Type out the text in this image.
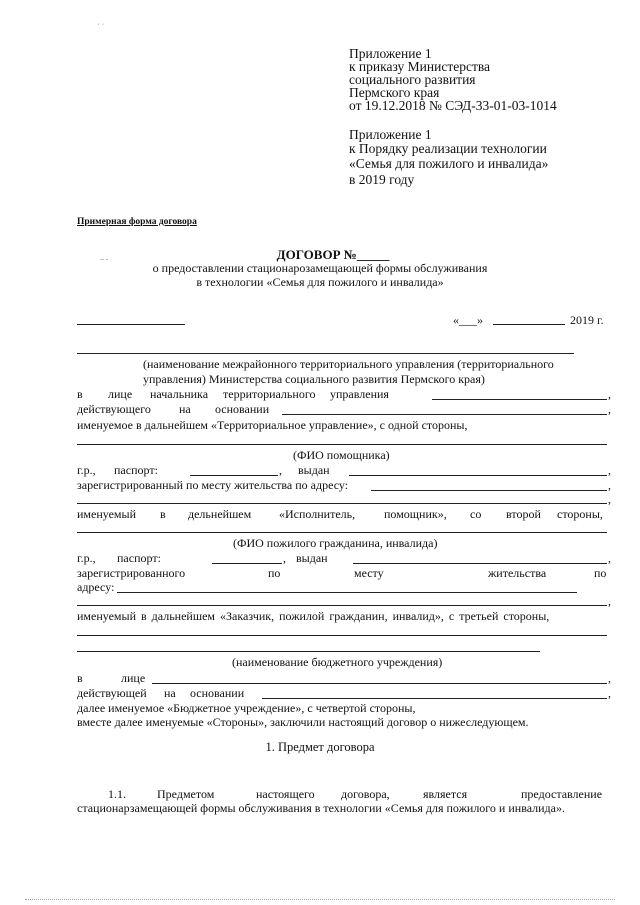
Приложение 1
к приказу Министерства
социального развития
Пермского края
от 19.12.2018 № СЭД-33-01-03-1014
Приложение 1
к Порядку реализации технологии
«Семья для пожилого и инвалида»
в 2019 году
Примерная форма договора
ДОГОВОР №_____
о предоставлении стационарозамещающей формы обслуживания
в технологии «Семья для пожилого и инвалида»
«___»	2019 г.
(наименование межрайонного территориального управления (территориального
управления) Министерства социального развития Пермского края)
в лице начальника территориального управления	,
действующего на основании	,
именуемое в дальнейшем «Территориальное управление», с одной стороны,
(ФИО помощника)
г.р., паспорт:	, выдан	,
зарегистрированный по месту жительства по адресу:	,
,
именуемый в дельнейшем «Исполнитель, помощник», со второй стороны,
(ФИО пожилого гражданина, инвалида)
г.р., паспорт:	, выдан	,
зарегистрированного	по	месту	жительства	по
адресу:
,
именуемый в дальнейшем «Заказчик, пожилой гражданин, инвалид», с третьей стороны,
(наименование бюджетного учреждения)
в	лице	,
действующей на основании	,
далее именуемое «Бюджетное учреждение», с четвертой стороны,
вместе далее именуемые «Стороны», заключили настоящий договор о нижеследующем.
1. Предмет договора
1.1.	Предметом	настоящего договора,	является	предоставление
стационарзамещающей формы обслуживания в технологии «Семья для пожилого и инвалида».
˙ ˙
.. .
